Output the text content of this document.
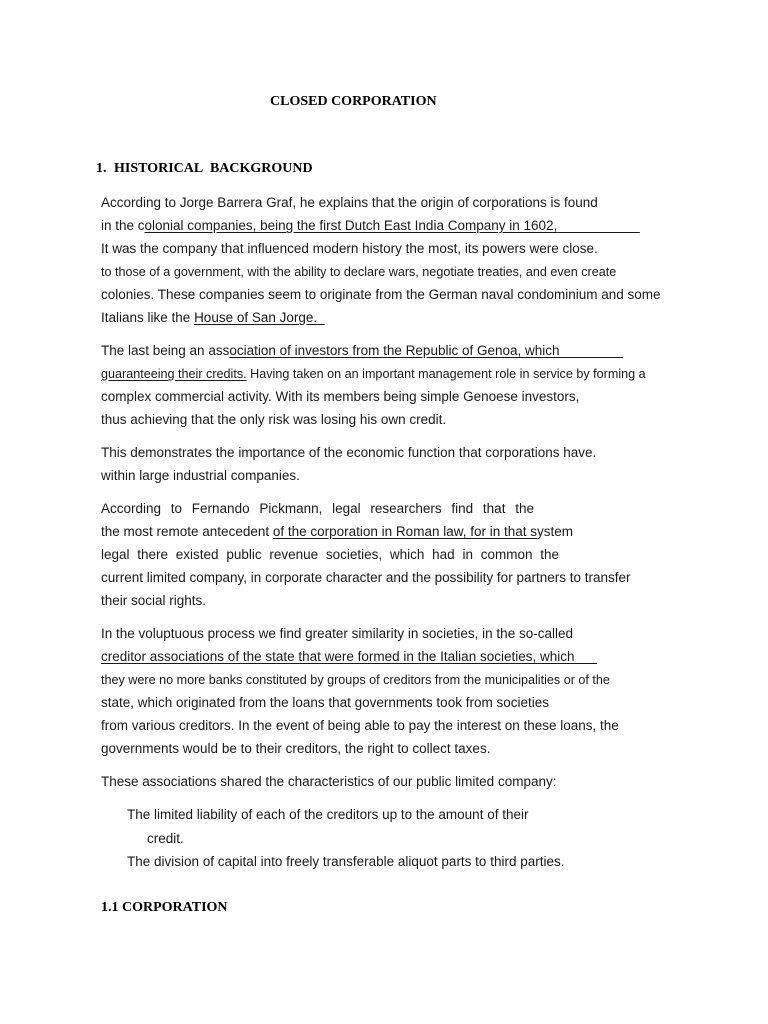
CLOSED CORPORATION
1. HISTORICAL BACKGROUND
According to Jorge Barrera Graf, he explains that the origin of corporations is found
in the colonial companies, being the first Dutch East India Company in 1602,
It was the company that influenced modern history the most, its powers were close.
to those of a government, with the ability to declare wars, negotiate treaties, and even create
colonies. These companies seem to originate from the German naval condominium and some
Italians like the House of San Jorge.
The last being an association of investors from the Republic of Genoa, which
guaranteeing their credits. Having taken on an important management role in service by forming a
complex commercial activity. With its members being simple Genoese investors,
thus achieving that the only risk was losing his own credit.
This demonstrates the importance of the economic function that corporations have.
within large industrial companies.
According to Fernando Pickmann, legal researchers find that the
the most remote antecedent of the corporation in Roman law, for in that system
legal there existed public revenue societies, which had in common the
current limited company, in corporate character and the possibility for partners to transfer
their social rights.
In the voluptuous process we find greater similarity in societies, in the so-called
creditor associations of the state that were formed in the Italian societies, which
they were no more banks constituted by groups of creditors from the municipalities or of the
state, which originated from the loans that governments took from societies
from various creditors. In the event of being able to pay the interest on these loans, the
governments would be to their creditors, the right to collect taxes.
These associations shared the characteristics of our public limited company:
The limited liability of each of the creditors up to the amount of their
credit.
The division of capital into freely transferable aliquot parts to third parties.
1.1 CORPORATION
